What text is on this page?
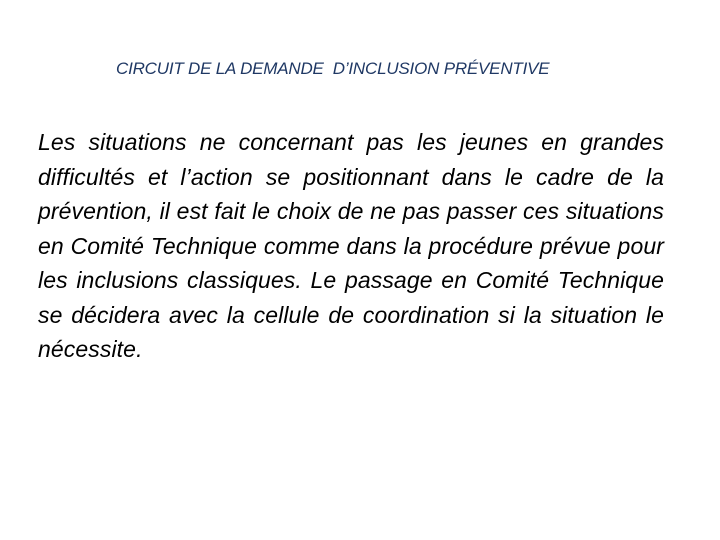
CIRCUIT DE LA DEMANDE  D’INCLUSION PRÉVENTIVE

Les situations ne concernant pas les jeunes en grandes difficultés et l’action se positionnant dans le cadre de la prévention, il est fait le choix de ne pas passer ces situations en Comité Technique comme dans la procédure prévue pour les inclusions classiques. Le passage en Comité Technique se décidera avec la cellule de coordination si la situation le nécessite.
